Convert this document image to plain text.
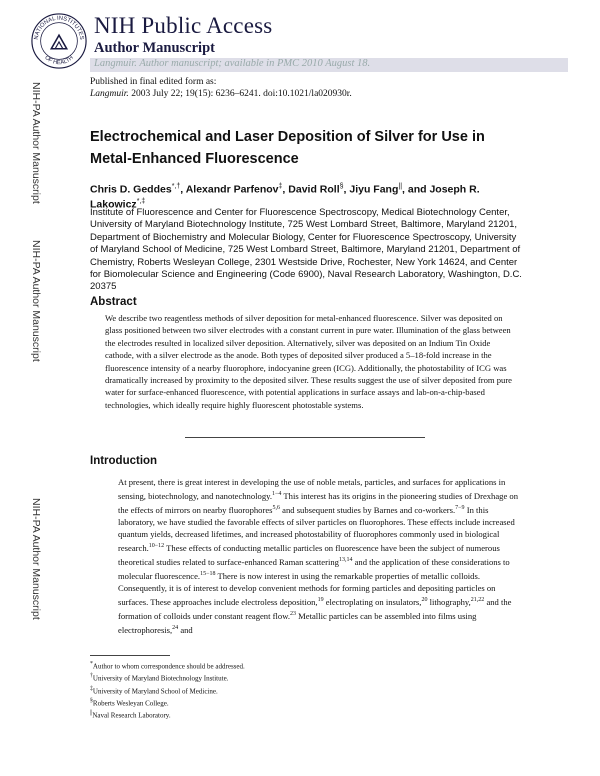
NATIONAL INSTITUTES
OF HEALTH
NIH Public Access
Author Manuscript
Langmuir. Author manuscript; available in PMC 2010 August 18.
Published in final edited form as:
Langmuir. 2003 July 22; 19(15): 6236–6241. doi:10.1021/la020930r.
NIH-PA Author Manuscript
NIH-PA Author Manuscript
NIH-PA Author Manuscript
Electrochemical and Laser Deposition of Silver for Use in Metal-Enhanced Fluorescence
Chris D. Geddes*,†, Alexandr Parfenov‡, David Roll§, Jiyu Fang||, and Joseph R. Lakowicz*,‡
Institute of Fluorescence and Center for Fluorescence Spectroscopy, Medical Biotechnology Center, University of Maryland Biotechnology Institute, 725 West Lombard Street, Baltimore, Maryland 21201, Department of Biochemistry and Molecular Biology, Center for Fluorescence Spectroscopy, University of Maryland School of Medicine, 725 West Lombard Street, Baltimore, Maryland 21201, Department of Chemistry, Roberts Wesleyan College, 2301 Westside Drive, Rochester, New York 14624, and Center for Biomolecular Science and Engineering (Code 6900), Naval Research Laboratory, Washington, D.C. 20375
Abstract
We describe two reagentless methods of silver deposition for metal-enhanced fluorescence. Silver was deposited on glass positioned between two silver electrodes with a constant current in pure water. Illumination of the glass between the electrodes resulted in localized silver deposition. Alternatively, silver was deposited on an Indium Tin Oxide cathode, with a silver electrode as the anode. Both types of deposited silver produced a 5–18-fold increase in the fluorescence intensity of a nearby fluorophore, indocyanine green (ICG). Additionally, the photostability of ICG was dramatically increased by proximity to the deposited silver. These results suggest the use of silver deposited from pure water for surface-enhanced fluorescence, with potential applications in surface assays and lab-on-a-chip-based technologies, which ideally require highly fluorescent photostable systems.
Introduction
At present, there is great interest in developing the use of noble metals, particles, and surfaces for applications in sensing, biotechnology, and nanotechnology.$^{1-4}$ This interest has its origins in the pioneering studies of Drexhage on the effects of mirrors on nearby fluorophores$^{5,6}$ and subsequent studies by Barnes and co-workers.$^{7-9}$ In this laboratory, we have studied the favorable effects of silver particles on fluorophores. These effects include increased quantum yields, decreased lifetimes, and increased photostability of fluorophores commonly used in biological research.$^{10-12}$ These effects of conducting metallic particles on fluorescence have been the subject of numerous theoretical studies related to surface-enhanced Raman scattering$^{13,14}$ and the application of these considerations to molecular fluorescence.$^{15-18}$ There is now interest in using the remarkable properties of metallic colloids. Consequently, it is of interest to develop convenient methods for forming particles and depositing particles on surfaces. These approaches include electroless deposition,$^{19}$ electroplating on insulators,$^{20}$ lithography,$^{21,22}$ and the formation of colloids under constant reagent flow.$^{23}$ Metallic particles can be assembled into films using electrophoresis,$^{24}$ and
*Author to whom correspondence should be addressed.
†University of Maryland Biotechnology Institute.
‡University of Maryland School of Medicine.
§Roberts Wesleyan College.
||Naval Research Laboratory.
